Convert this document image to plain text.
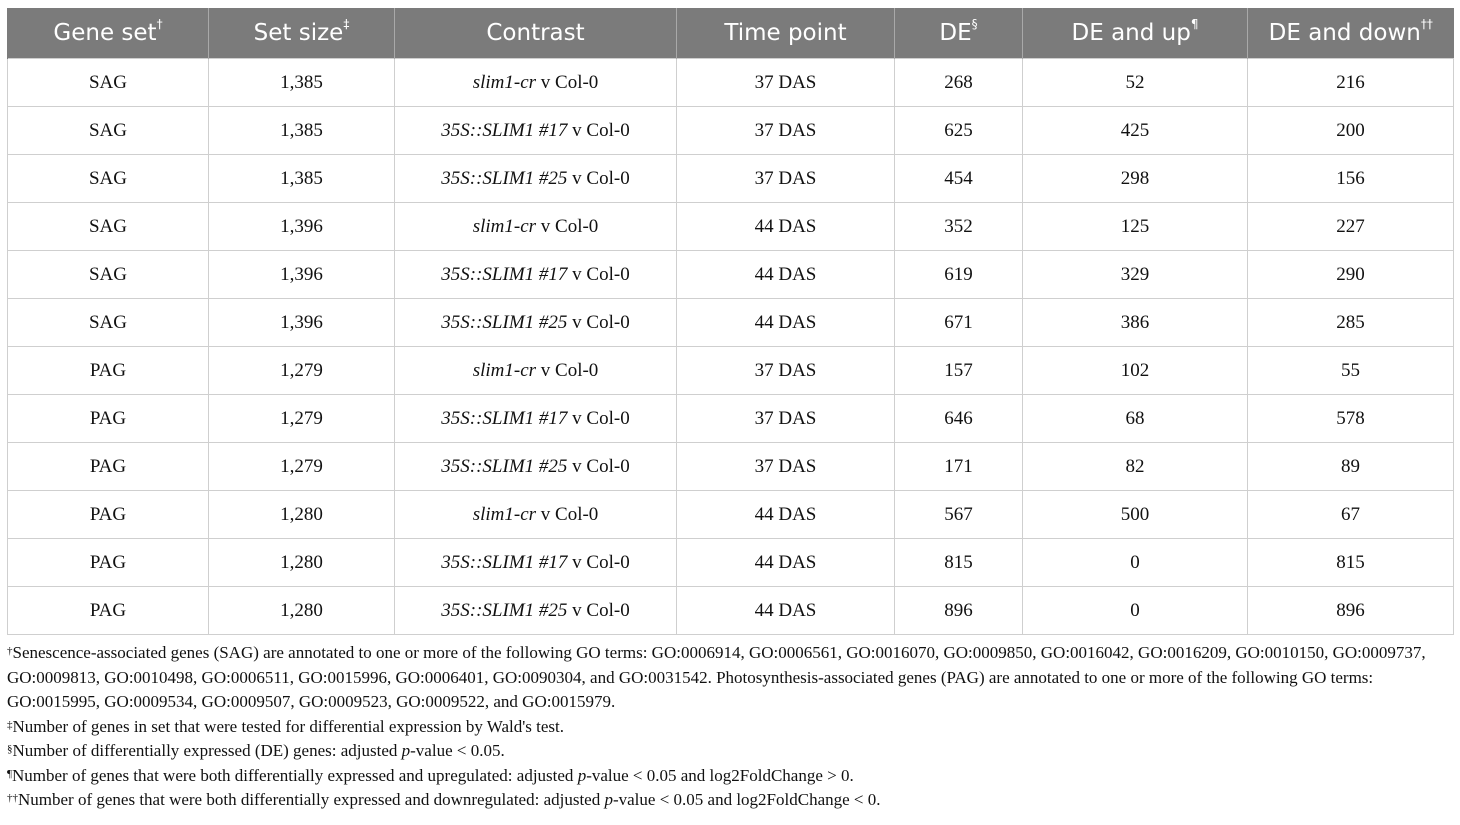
Gene set†	Set size‡	Contrast	Time point	DE§	DE and up¶	DE and down††
SAG	1,385	slim1-cr v Col-0	37 DAS	268	52	216
SAG	1,385	35S::SLIM1 #17 v Col-0	37 DAS	625	425	200
SAG	1,385	35S::SLIM1 #25 v Col-0	37 DAS	454	298	156
SAG	1,396	slim1-cr v Col-0	44 DAS	352	125	227
SAG	1,396	35S::SLIM1 #17 v Col-0	44 DAS	619	329	290
SAG	1,396	35S::SLIM1 #25 v Col-0	44 DAS	671	386	285
PAG	1,279	slim1-cr v Col-0	37 DAS	157	102	55
PAG	1,279	35S::SLIM1 #17 v Col-0	37 DAS	646	68	578
PAG	1,279	35S::SLIM1 #25 v Col-0	37 DAS	171	82	89
PAG	1,280	slim1-cr v Col-0	44 DAS	567	500	67
PAG	1,280	35S::SLIM1 #17 v Col-0	44 DAS	815	0	815
PAG	1,280	35S::SLIM1 #25 v Col-0	44 DAS	896	0	896

†Senescence-associated genes (SAG) are annotated to one or more of the following GO terms: GO:0006914, GO:0006561, GO:0016070, GO:0009850, GO:0016042, GO:0016209, GO:0010150, GO:0009737, GO:0009813, GO:0010498, GO:0006511, GO:0015996, GO:0006401, GO:0090304, and GO:0031542. Photosynthesis-associated genes (PAG) are annotated to one or more of the following GO terms: GO:0015995, GO:0009534, GO:0009507, GO:0009523, GO:0009522, and GO:0015979.

‡Number of genes in set that were tested for differential expression by Wald's test.

§Number of differentially expressed (DE) genes: adjusted p-value < 0.05.

¶Number of genes that were both differentially expressed and upregulated: adjusted p-value < 0.05 and log2FoldChange > 0.

††Number of genes that were both differentially expressed and downregulated: adjusted p-value < 0.05 and log2FoldChange < 0.
